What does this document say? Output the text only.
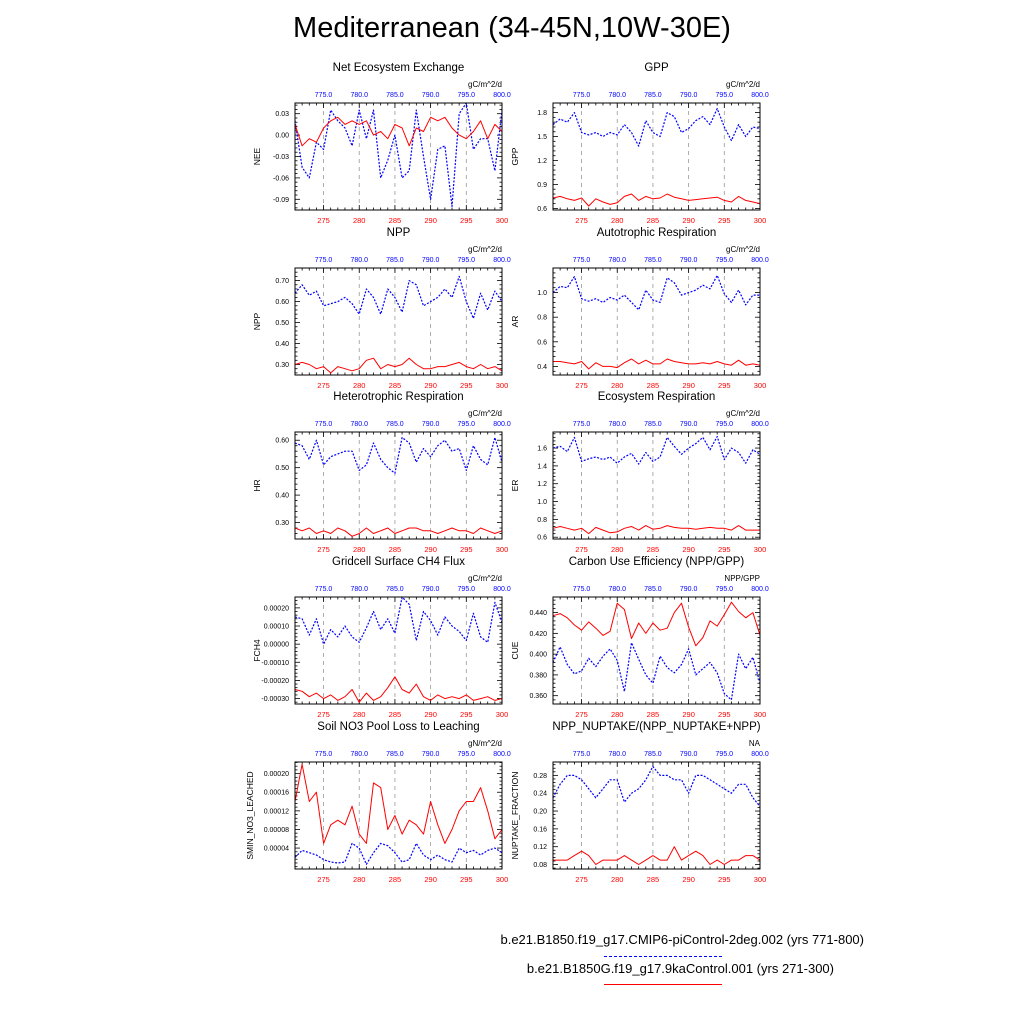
Mediterranean (34-45N,10W-30E)
Net Ecosystem Exchange
gC/m^2/d
275	280	285	290	295	300
775.0	780.0	785.0	790.0	795.0	800.0
0.03
0.00
-0.03
-0.06
-0.09
NEE
GPP
gC/m^2/d
275	280	285	290	295	300
775.0	780.0	785.0	790.0	795.0	800.0
1.8
1.5
1.2
0.9
0.6
GPP
NPP
gC/m^2/d
275	280	285	290	295	300
775.0	780.0	785.0	790.0	795.0	800.0
0.70
0.60
0.50
0.40
0.30
NPP
Autotrophic Respiration
gC/m^2/d
275	280	285	290	295	300
775.0	780.0	785.0	790.0	795.0	800.0
1.0
0.8
0.6
0.4
AR
Heterotrophic Respiration
gC/m^2/d
275	280	285	290	295	300
775.0	780.0	785.0	790.0	795.0	800.0
0.60
0.50
0.40
0.30
HR
Ecosystem Respiration
gC/m^2/d
275	280	285	290	295	300
775.0	780.0	785.0	790.0	795.0	800.0
1.6
1.4
1.2
1.0
0.8
0.6
ER
Gridcell Surface CH4 Flux
gC/m^2/d
275	280	285	290	295	300
775.0	780.0	785.0	790.0	795.0	800.0
0.00020
0.00010
0.00000
-0.00010
-0.00020
-0.00030
FCH4
Carbon Use Efficiency (NPP/GPP)
NPP/GPP
275	280	285	290	295	300
775.0	780.0	785.0	790.0	795.0	800.0
0.440
0.420
0.400
0.380
0.360
CUE
Soil NO3 Pool Loss to Leaching
gN/m^2/d
275	280	285	290	295	300
775.0	780.0	785.0	790.0	795.0	800.0
0.00020
0.00016
0.00012
0.00008
0.00004
SMIN_NO3_LEACHED
NPP_NUPTAKE/(NPP_NUPTAKE+NPP)
NA
275	280	285	290	295	300
775.0	780.0	785.0	790.0	795.0	800.0
0.28
0.24
0.20
0.16
0.12
0.08
NUPTAKE_FRACTION
b.e21.B1850.f19_g17.CMIP6-piControl-2deg.002 (yrs 771-800)
b.e21.B1850G.f19_g17.9kaControl.001 (yrs 271-300)
